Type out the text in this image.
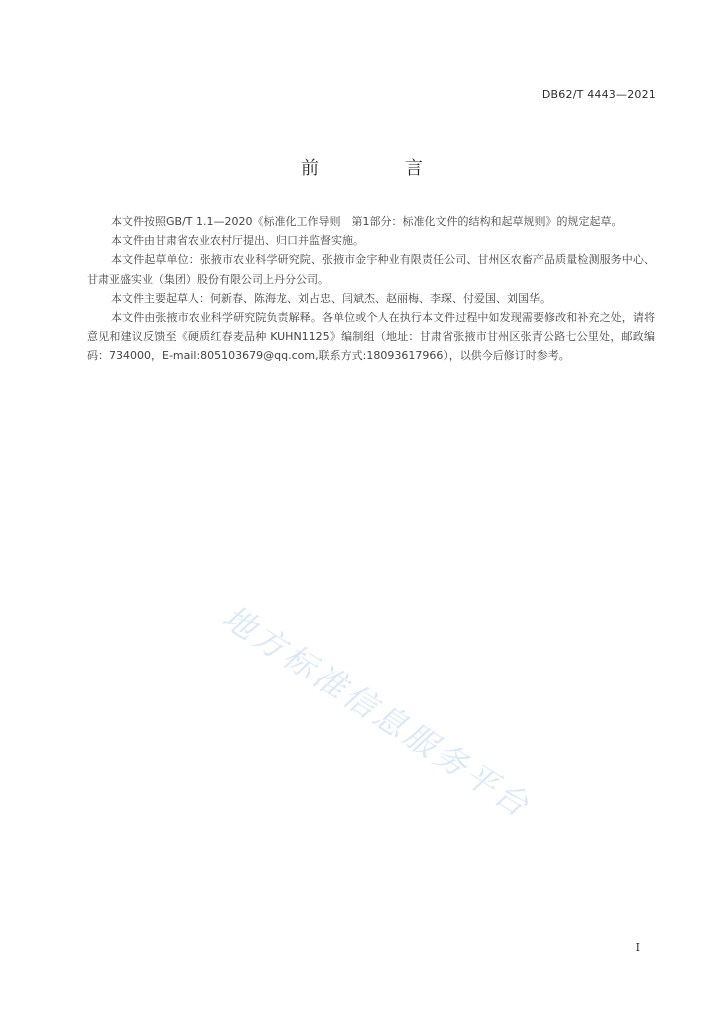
DB62/T 4443—2021
前　言

本文件按照GB/T 1.1—2020《标准化工作导则　第1部分：标准化文件的结构和起草规则》的规定起草。

本文件由甘肃省农业农村厅提出、归口并监督实施。

本文件起草单位：张掖市农业科学研究院、张掖市金宇种业有限责任公司、甘州区农畜产品质量检测服务中心、甘肃亚盛实业（集团）股份有限公司上丹分公司。

本文件主要起草人：何新春、陈海龙、刘占忠、闫斌杰、赵丽梅、李琛、付爱国、刘国华。

本文件由张掖市农业科学研究院负责解释。各单位或个人在执行本文件过程中如发现需要修改和补充之处，请将意见和建议反馈至《硬质红春麦品种 KUHN1125》编制组（地址：甘肃省张掖市甘州区张青公路七公里处，邮政编码：734000，E-mail:805103679@qq.com,联系方式:18093617966），以供今后修订时参考。

地方标准信息服务平台
I
